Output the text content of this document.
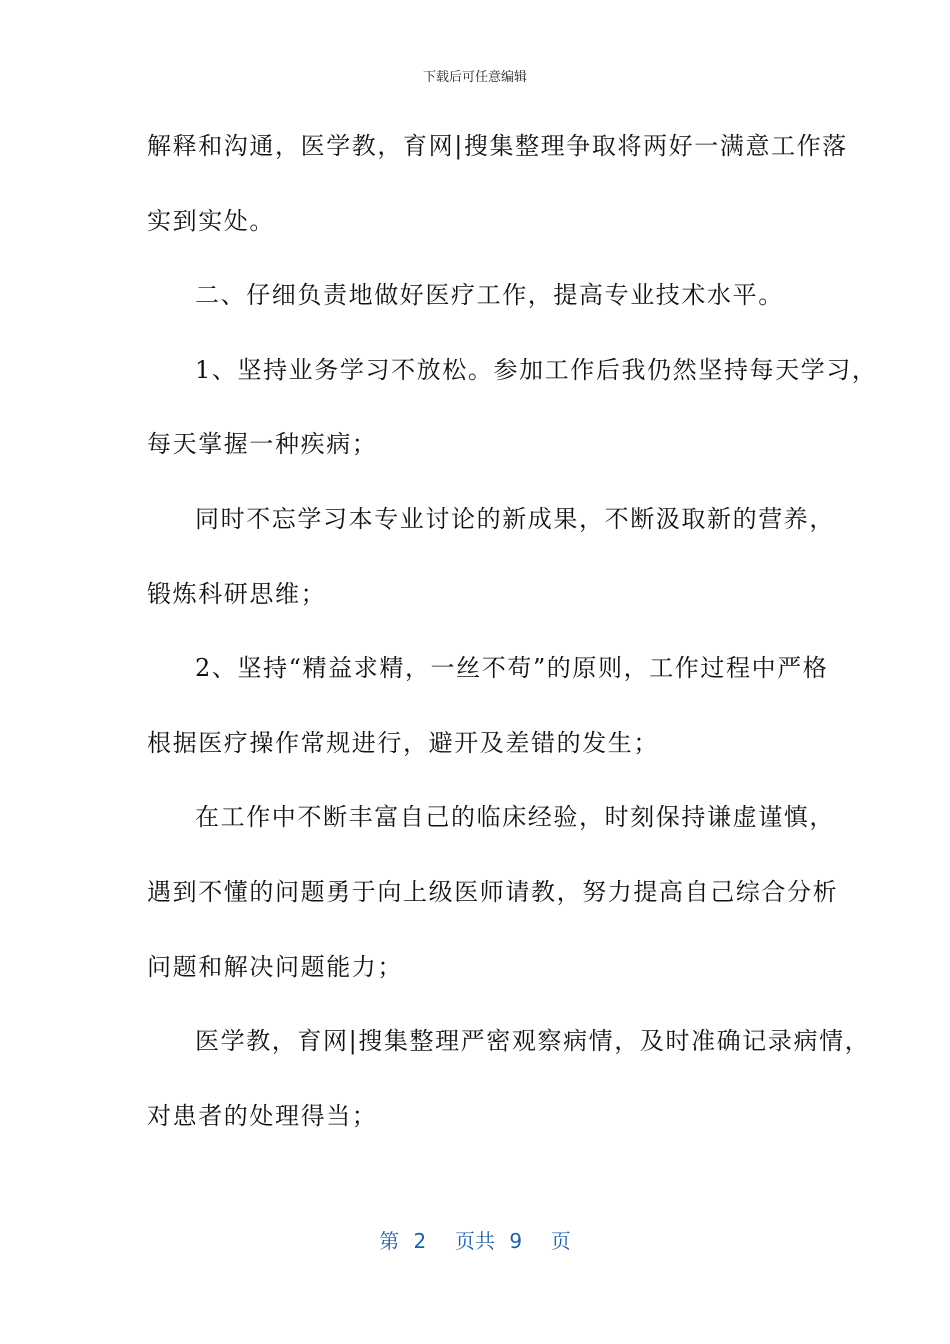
下载后可任意编辑
解释和沟通，医学教，育网|搜集整理争取将两好一满意工作落
实到实处。
二、仔细负责地做好医疗工作，提高专业技术水平。
1、坚持业务学习不放松。参加工作后我仍然坚持每天学习，
每天掌握一种疾病；
同时不忘学习本专业讨论的新成果，不断汲取新的营养，
锻炼科研思维；
2、坚持“精益求精，一丝不苟”的原则，工作过程中严格
根据医疗操作常规进行，避开及差错的发生；
在工作中不断丰富自己的临床经验，时刻保持谦虚谨慎，
遇到不懂的问题勇于向上级医师请教，努力提高自己综合分析
问题和解决问题能力；
医学教，育网|搜集整理严密观察病情，及时准确记录病情，
对患者的处理得当；
第 2  页共 9  页
